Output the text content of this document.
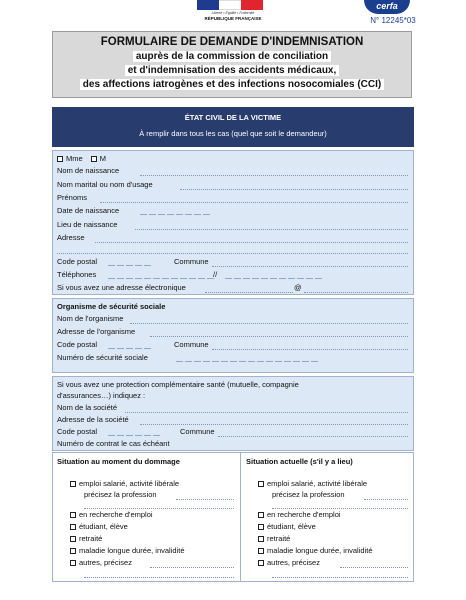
Liberté • Égalité • Fraternité
RÉPUBLIQUE FRANÇAISE
cerfa
N° 12245*03
FORMULAIRE DE DEMANDE D'INDEMNISATION
auprès de la commission de conciliation
et d'indemnisation des accidents médicaux,
des affections iatrogènes et des infections nosocomiales (CCI)
ÉTAT CIVIL DE LA VICTIME
À remplir dans tous les cas (quel que soit le demandeur)
Mme M
Nom de naissance
Nom marital ou nom d'usage
Prénoms
Date de naissance
Lieu de naissance
Adresse
Code postal	Commune
Téléphones	//
Si vous avez une adresse électronique	@
Organisme de sécurité sociale
Nom de l'organisme
Adresse de l'organisme
Code postal	Commune
Numéro de sécurité sociale
Si vous avez une protection complémentaire santé (mutuelle, compagnie
d'assurances…) indiquez :
Nom de la société
Adresse de la société
Code postal	Commune
Numéro de contrat le cas échéant
Situation au moment du dommage	Situation actuelle (s'il y a lieu)
emploi salarié, activité libérale
précisez la profession
en recherche d'emploi
étudiant, élève
retraité
maladie longue durée, invalidité
autres, précisez
emploi salarié, activité libérale
précisez la profession
en recherche d'emploi
étudiant, élève
retraité
maladie longue durée, invalidité
autres, précisez
